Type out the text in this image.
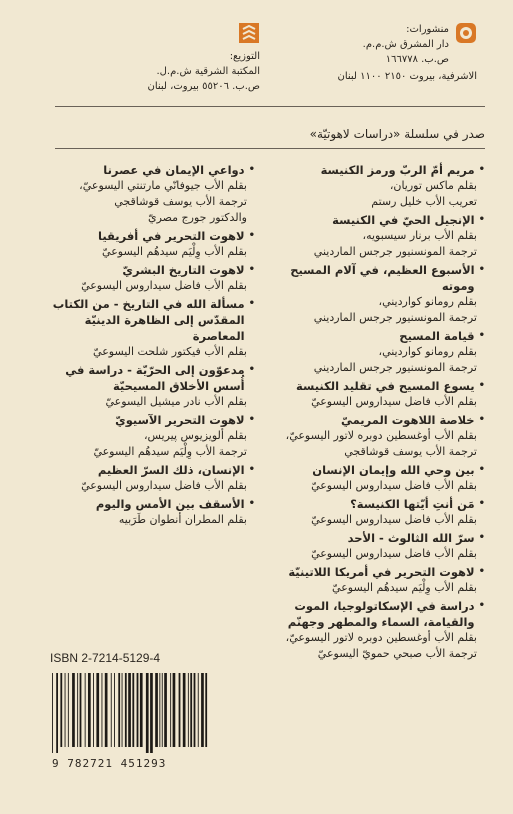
منشورات:
دار المشرق ش.م.م.
ص.ب. ١٦٦٧٧٨
الاشرفية، بيروت ٢١٥٠ ١١٠٠ لبنان
التوزيع:
المكتبة الشرقية ش.م.ل.
ص.ب. ٥٥٢٠٦ بيروت، لبنان
صدر في سلسلة «دراسات لاهوتيّة»
•
مريم أمّ الربّ ورمز الكنيسة
بقلم ماكس توريان،
تعريب الأب خليل رستم
•
الإنجيل الحيّ في الكنيسة
بقلم الأب برنار سيسبويه،
ترجمة المونسنيور جرجس المارديني
•
الأسبوع العظيم، في آلام المسيح وموته
بقلم رومانو كوارديني،
ترجمة المونسنيور جرجس المارديني
•
قيامة المسيح
بقلم رومانو كوارديني،
ترجمة المونسنيور جرجس المارديني
•
يسوع المسيح في تقليد الكنيسة
بقلم الأب فاضل سيداروس اليسوعيّ
•
خلاصة اللاهوت المريميّ
بقلم الأب أوغسطين دوبره لاتور اليسوعيّ، ترجمة الأب يوسف قوشاقجي
•
بين وحي الله وإيمان الإنسان
بقلم الأب فاضل سيداروس اليسوعيّ
•
مَن أنتِ أيّتها الكنيسة؟
بقلم الأب فاضل سيداروس اليسوعيّ
•
سرّ الله الثالوث - الأحد
بقلم الأب فاضل سيداروس اليسوعيّ
•
لاهوت التحرير في أمريكا اللاتينيّة
بقلم الأب وِلْيَم سيدهُم اليسوعيّ
•
دراسة في الإسكاتولوجيا، الموت والقيامة، السماء والمطهر وجهنّم
بقلم الأب أوغسطين دوبره لاتور اليسوعيّ،
ترجمة الأب صبحي حمويّ اليسوعيّ
•
دواعي الإيمان في عصرنا
بقلم الأب جيوفانّي مارتنتي اليسوعيّ،
ترجمة الأب يوسف قوشاقجي
والدكتور جورج مصريّ
•
لاهوت التحرير في أفريقيا
بقلم الأب وِلْيَم سيدهُم اليسوعيّ
•
لاهوت التاريخ البشريّ
بقلم الأب فاضل سيداروس اليسوعيّ
•
مسألة الله في التاريخ - من الكتاب المقدّس إلى الظاهرة الدينيّة المعاصرة
بقلم الأب فيكتور شلحت اليسوعيّ
•
مدعوّون إلى الحرّيّة - دراسة في أُسس الأخلاق المسيحيّة
بقلم الأب نادر ميشيل اليسوعيّ
•
لاهوت التحرير الآسيويّ
بقلم ألويزيوس پيريس،
ترجمة الأب وِلْيَم سيدهُم اليسوعيّ
•
الإنسان، ذلك السرّ العظيم
بقلم الأب فاضل سيداروس اليسوعيّ
•
الأسقف بين الأمس واليوم
بقلم المطران أنطوان طَرَبيه
ISBN 2-7214-5129-4
9 782721 451293
